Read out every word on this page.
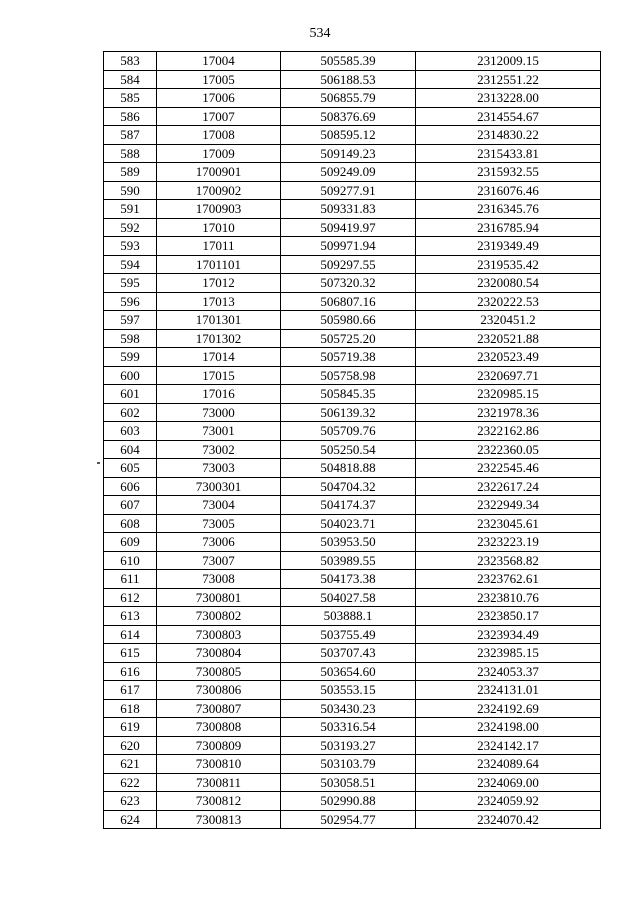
534
583	17004	505585.39	2312009.15
584	17005	506188.53	2312551.22
585	17006	506855.79	2313228.00
586	17007	508376.69	2314554.67
587	17008	508595.12	2314830.22
588	17009	509149.23	2315433.81
589	1700901	509249.09	2315932.55
590	1700902	509277.91	2316076.46
591	1700903	509331.83	2316345.76
592	17010	509419.97	2316785.94
593	17011	509971.94	2319349.49
594	1701101	509297.55	2319535.42
595	17012	507320.32	2320080.54
596	17013	506807.16	2320222.53
597	1701301	505980.66	2320451.2
598	1701302	505725.20	2320521.88
599	17014	505719.38	2320523.49
600	17015	505758.98	2320697.71
601	17016	505845.35	2320985.15
602	73000	506139.32	2321978.36
603	73001	505709.76	2322162.86
604	73002	505250.54	2322360.05
605	73003	504818.88	2322545.46
606	7300301	504704.32	2322617.24
607	73004	504174.37	2322949.34
608	73005	504023.71	2323045.61
609	73006	503953.50	2323223.19
610	73007	503989.55	2323568.82
611	73008	504173.38	2323762.61
612	7300801	504027.58	2323810.76
613	7300802	503888.1	2323850.17
614	7300803	503755.49	2323934.49
615	7300804	503707.43	2323985.15
616	7300805	503654.60	2324053.37
617	7300806	503553.15	2324131.01
618	7300807	503430.23	2324192.69
619	7300808	503316.54	2324198.00
620	7300809	503193.27	2324142.17
621	7300810	503103.79	2324089.64
622	7300811	503058.51	2324069.00
623	7300812	502990.88	2324059.92
624	7300813	502954.77	2324070.42
